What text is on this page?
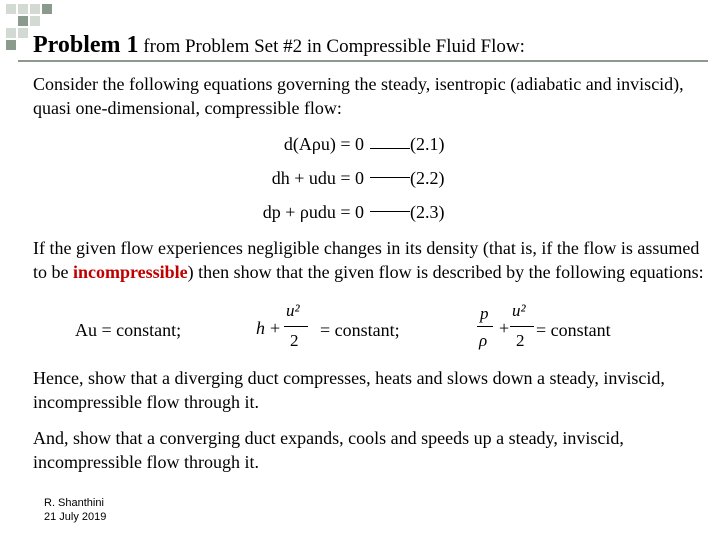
Problem 1 from Problem Set #2 in Compressible Fluid Flow:
Consider the following equations governing the steady, isentropic (adiabatic and inviscid), quasi one-dimensional, compressible flow:
d(Aρu) = 0	(2.1)
dh + udu = 0	(2.2)
dp + ρudu = 0	(2.3)
If the given flow experiences negligible changes in its density (that is, if the flow is assumed to be incompressible) then show that the given flow is described by the following equations:
Au = constant;	h +
u²
2
= constant;
p
ρ
+
u²
2
= constant
Hence, show that a diverging duct compresses, heats and slows down a steady, inviscid, incompressible flow through it.
And, show that a converging duct expands, cools and speeds up a steady, inviscid, incompressible flow through it.
R. Shanthini
21 July 2019
